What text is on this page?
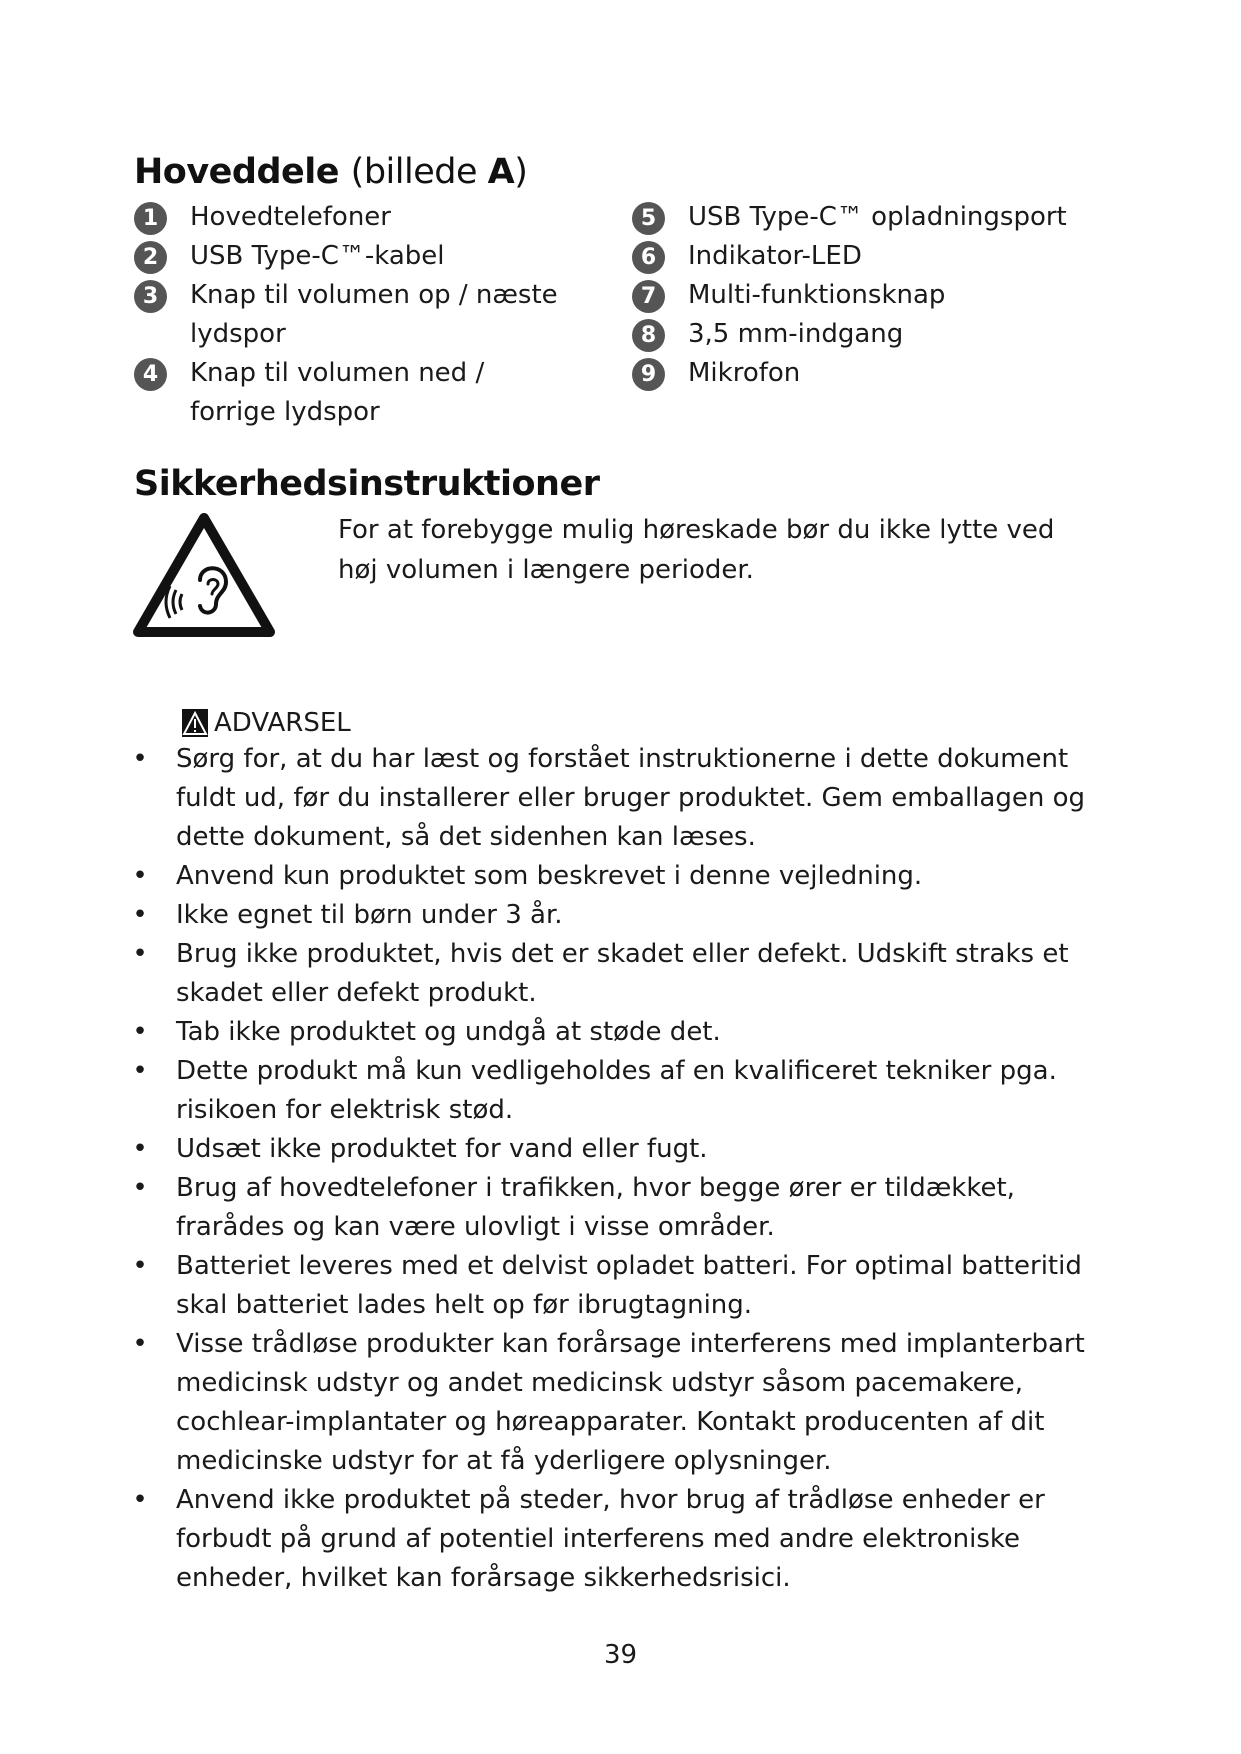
Hoveddele (billede A)
1	Hovedtelefoner
2	USB Type-C™-kabel
3	Knap til volumen op / næste lydspor
4	Knap til volumen ned / forrige lydspor
5	USB Type-C™ opladningsport
6	Indikator-LED
7	Multi-funktionsknap
8	3,5 mm-indgang
9	Mikrofon
Sikkerhedsinstruktioner

For at forebygge mulig høreskade bør du ikke lytte ved høj volumen i længere perioder.

ADVARSEL
• Sørg for, at du har læst og forstået instruktionerne i dette dokument fuldt ud, før du installerer eller bruger produktet. Gem emballagen og dette dokument, så det sidenhen kan læses.
• Anvend kun produktet som beskrevet i denne vejledning.
• Ikke egnet til børn under 3 år.
• Brug ikke produktet, hvis det er skadet eller defekt. Udskift straks et skadet eller defekt produkt.
• Tab ikke produktet og undgå at støde det.
• Dette produkt må kun vedligeholdes af en kvalificeret tekniker pga. risikoen for elektrisk stød.
• Udsæt ikke produktet for vand eller fugt.
• Brug af hovedtelefoner i trafikken, hvor begge ører er tildækket, frarådes og kan være ulovligt i visse områder.
• Batteriet leveres med et delvist opladet batteri. For optimal batteritid skal batteriet lades helt op før ibrugtagning.
• Visse trådløse produkter kan forårsage interferens med implanterbart medicinsk udstyr og andet medicinsk udstyr såsom pacemakere, cochlear-implantater og høreapparater. Kontakt producenten af dit medicinske udstyr for at få yderligere oplysninger.
• Anvend ikke produktet på steder, hvor brug af trådløse enheder er forbudt på grund af potentiel interferens med andre elektroniske enheder, hvilket kan forårsage sikkerhedsrisici.
39
